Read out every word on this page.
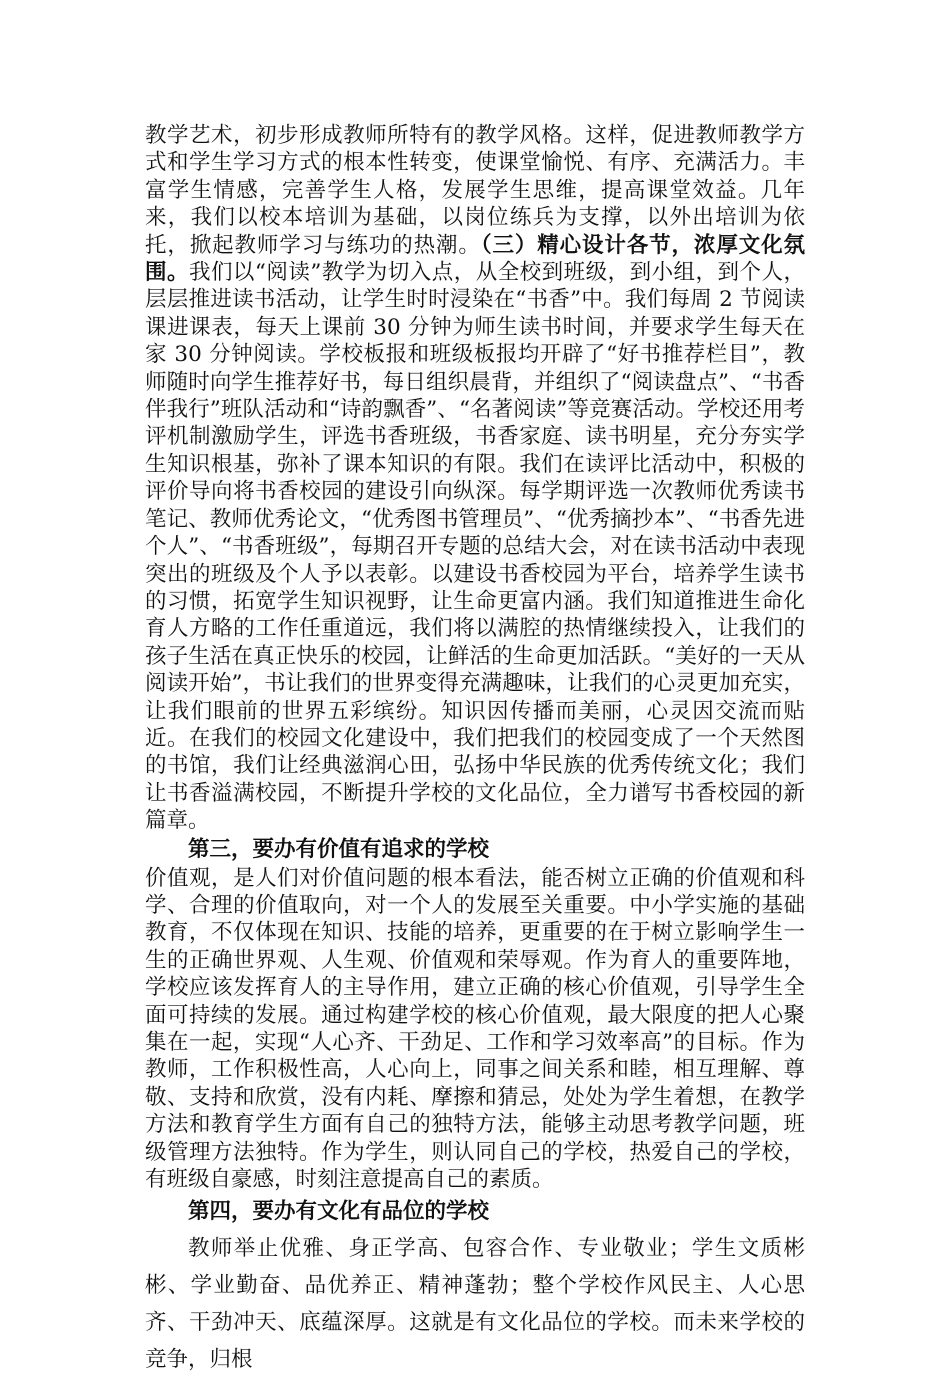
教学艺术，初步形成教师所特有的教学风格。这样，促进教师教学方式和学生学习方式的根本性转变，使课堂愉悦、有序、充满活力。丰富学生情感，完善学生人格，发展学生思维，提高课堂效益。几年来，我们以校本培训为基础，以岗位练兵为支撑，以外出培训为依托，掀起教师学习与练功的热潮。（三）精心设计各节，浓厚文化氛围。我们以“阅读”教学为切入点，从全校到班级，到小组，到个人，层层推进读书活动，让学生时时浸染在“书香”中。我们每周 2 节阅读课进课表，每天上课前 30 分钟为师生读书时间，并要求学生每天在家 30 分钟阅读。学校板报和班级板报均开辟了“好书推荐栏目”，教师随时向学生推荐好书，每日组织晨背，并组织了“阅读盘点”、“书香伴我行”班队活动和“诗韵飘香”、“名著阅读”等竞赛活动。学校还用考评机制激励学生，评选书香班级，书香家庭、读书明星，充分夯实学生知识根基，弥补了课本知识的有限。我们在读评比活动中，积极的评价导向将书香校园的建设引向纵深。每学期评选一次教师优秀读书笔记、教师优秀论文，“优秀图书管理员”、“优秀摘抄本”、“书香先进个人”、“书香班级”，每期召开专题的总结大会，对在读书活动中表现突出的班级及个人予以表彰。以建设书香校园为平台，培养学生读书的习惯，拓宽学生知识视野，让生命更富内涵。我们知道推进生命化育人方略的工作任重道远，我们将以满腔的热情继续投入，让我们的孩子生活在真正快乐的校园，让鲜活的生命更加活跃。“美好的一天从阅读开始”，书让我们的世界变得充满趣味，让我们的心灵更加充实，让我们眼前的世界五彩缤纷。知识因传播而美丽，心灵因交流而贴近。在我们的校园文化建设中，我们把我们的校园变成了一个天然图的书馆，我们让经典滋润心田，弘扬中华民族的优秀传统文化；我们让书香溢满校园，不断提升学校的文化品位，全力谱写书香校园的新篇章。

第三，要办有价值有追求的学校

价值观，是人们对价值问题的根本看法，能否树立正确的价值观和科学、合理的价值取向，对一个人的发展至关重要。中小学实施的基础教育，不仅体现在知识、技能的培养，更重要的在于树立影响学生一生的正确世界观、人生观、价值观和荣辱观。作为育人的重要阵地，学校应该发挥育人的主导作用，建立正确的核心价值观，引导学生全面可持续的发展。通过构建学校的核心价值观，最大限度的把人心聚集在一起，实现“人心齐、干劲足、工作和学习效率高”的目标。作为教师，工作积极性高，人心向上，同事之间关系和睦，相互理解、尊敬、支持和欣赏，没有内耗、摩擦和猜忌，处处为学生着想，在教学方法和教育学生方面有自己的独特方法，能够主动思考教学问题，班级管理方法独特。作为学生，则认同自己的学校，热爱自己的学校，有班级自豪感，时刻注意提高自己的素质。

第四，要办有文化有品位的学校

教师举止优雅、身正学高、包容合作、专业敬业；学生文质彬彬、学业勤奋、品优养正、精神蓬勃；整个学校作风民主、人心思齐、干劲冲天、底蕴深厚。这就是有文化品位的学校。而未来学校的竞争，归根
